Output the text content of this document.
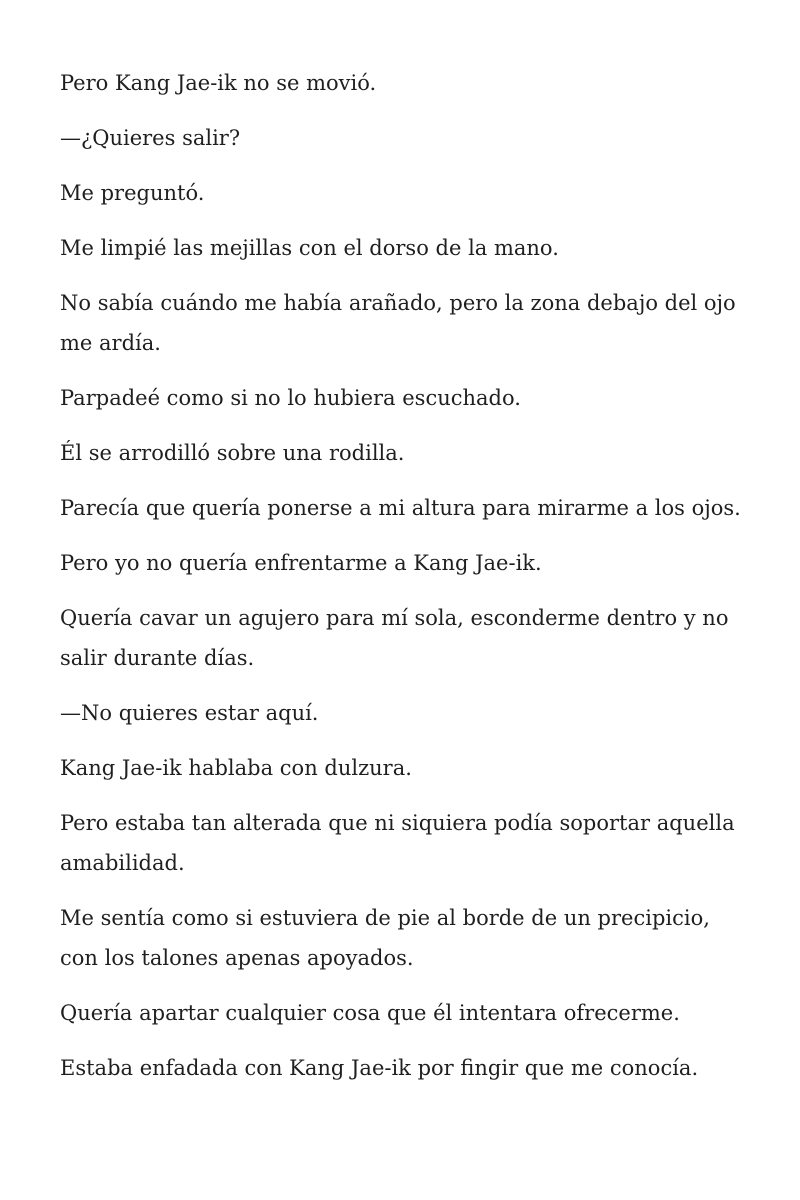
Pero Kang Jae-ik no se movió.

—¿Quieres salir?

Me preguntó.

Me limpié las mejillas con el dorso de la mano.

No sabía cuándo me había arañado, pero la zona debajo del ojo me ardía.

Parpadeé como si no lo hubiera escuchado.

Él se arrodilló sobre una rodilla.

Parecía que quería ponerse a mi altura para mirarme a los ojos.

Pero yo no quería enfrentarme a Kang Jae-ik.

Quería cavar un agujero para mí sola, esconderme dentro y no salir durante días.

—No quieres estar aquí.

Kang Jae-ik hablaba con dulzura.

Pero estaba tan alterada que ni siquiera podía soportar aquella amabilidad.

Me sentía como si estuviera de pie al borde de un precipicio, con los talones apenas apoyados.

Quería apartar cualquier cosa que él intentara ofrecerme.

Estaba enfadada con Kang Jae-ik por fingir que me conocía.
